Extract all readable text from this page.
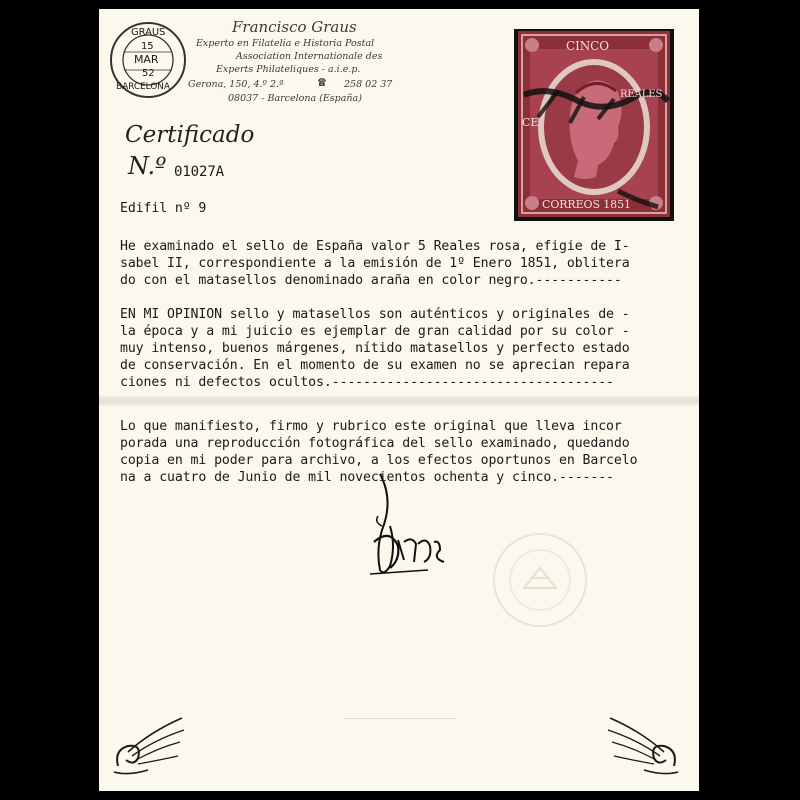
GRAUS
15
MAR
52
BARCELONA
Francisco Graus
Experto en Filatelia e Historia Postal
Association Internationale des
Experts Philateliques - a.i.e.p.
Gerona, 150, 4.º 2.ª	☎ 258 02 37
08037 - Barcelona (España)
Certificado
N.º 01027A
CINCO
CE
REALES
CORREOS 1851
Edifil nº 9
He examinado el sello de España valor 5 Reales rosa, efigie de I-
sabel II, correspondiente a la emisión de 1º Enero 1851, oblitera
do con el matasellos denominado araña en color negro.-----------
EN MI OPINION sello y matasellos son auténticos y originales de -
la época y a mi juicio es ejemplar de gran calidad por su color -
muy intenso, buenos márgenes, nítido matasellos y perfecto estado
de conservación. En el momento de su examen no se aprecian repara
ciones ni defectos ocultos.------------------------------------
Lo que manifiesto, firmo y rubrico este original que lleva incor
porada una reproducción fotográfica del sello examinado, quedando
copia en mi poder para archivo, a los efectos oportunos en Barcelo
na a cuatro de Junio de mil novecientos ochenta y cinco.-------
